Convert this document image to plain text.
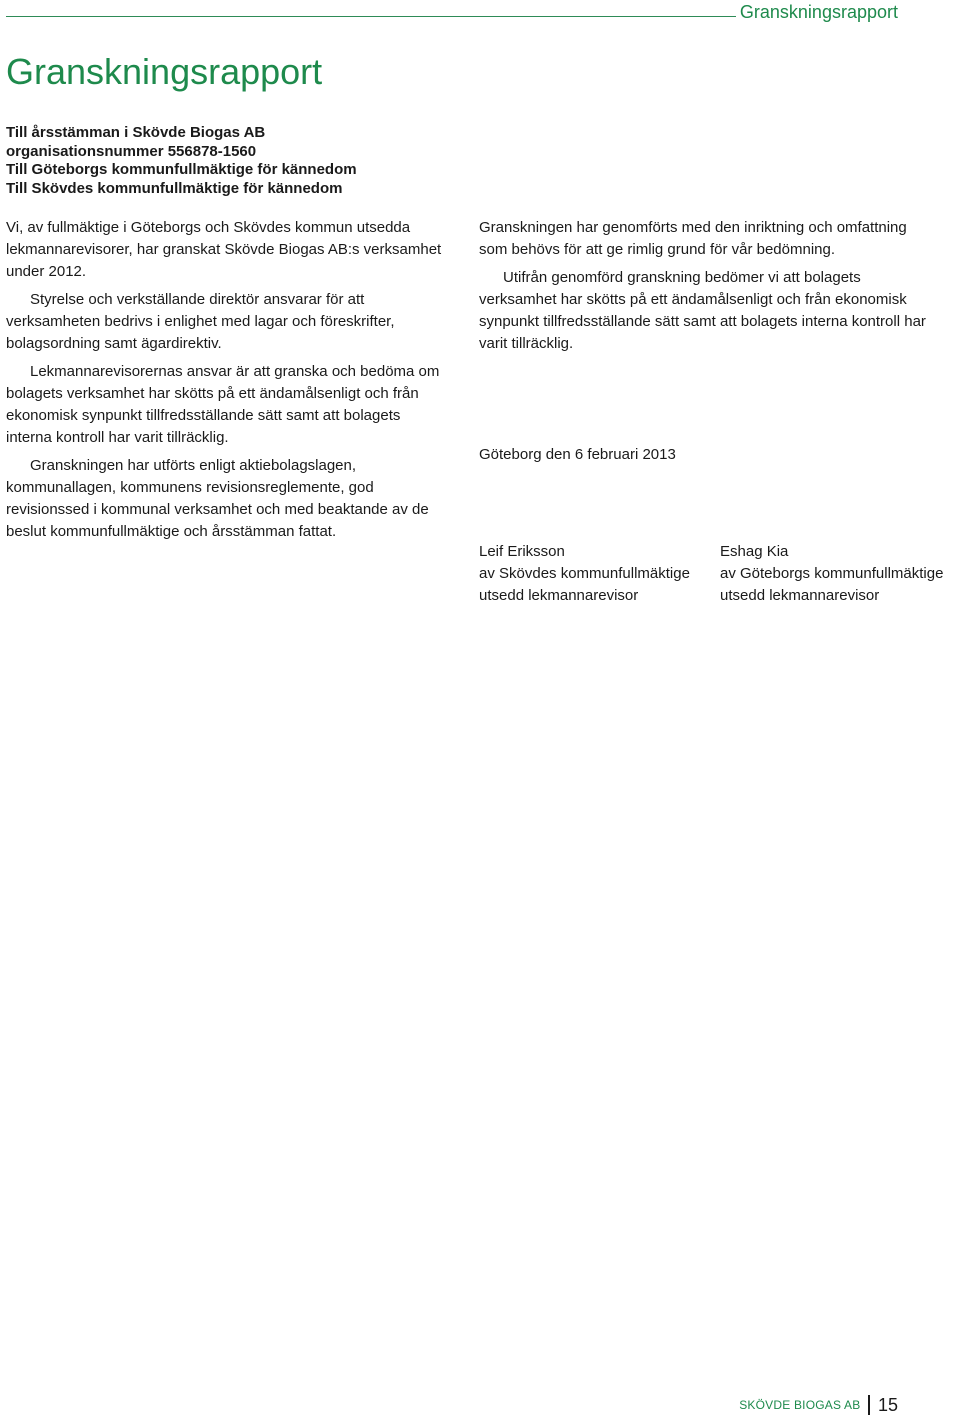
Granskningsrapport
Granskningsrapport
Till årsstämman i Skövde Biogas AB
organisationsnummer 556878-1560
Till Göteborgs kommunfullmäktige för kännedom
Till Skövdes kommunfullmäktige för kännedom

Vi, av fullmäktige i Göteborgs och Skövdes kommun utsedda lekmannarevisorer, har granskat Skövde Biogas AB:s verksamhet under 2012.

Styrelse och verkställande direktör ansvarar för att verksamheten bedrivs i enlighet med lagar och föreskrifter, bolagsordning samt ägardirektiv.

Lekmannarevisorernas ansvar är att granska och bedöma om bolagets verksamhet har skötts på ett ändamålsenligt och från ekonomisk synpunkt tillfredsställande sätt samt att bolagets interna kontroll har varit tillräcklig.

Granskningen har utförts enligt aktiebolagslagen, kommunallagen, kommunens revisionsreglemente, god revisionssed i kommunal verksamhet och med beaktande av de beslut kommunfullmäktige och årsstämman fattat.

Granskningen har genomförts med den inriktning och omfattning som behövs för att ge rimlig grund för vår bedömning.

Utifrån genomförd granskning bedömer vi att bolagets verksamhet har skötts på ett ändamålsenligt och från ekonomisk synpunkt tillfredsställande sätt samt att bolagets interna kontroll har varit tillräcklig.

Göteborg den 6 februari 2013
Leif Eriksson
av Skövdes kommunfullmäktige
utsedd lekmannarevisor
Eshag Kia
av Göteborgs kommunfullmäktige
utsedd lekmannarevisor
SKÖVDE BIOGAS AB 15
